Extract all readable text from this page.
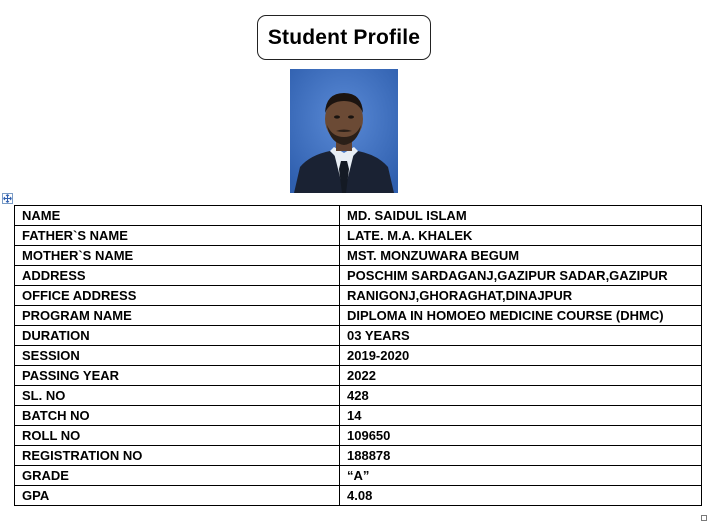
Student Profile
NAME	MD. SAIDUL ISLAM
FATHER`S NAME	LATE. M.A. KHALEK
MOTHER`S NAME	MST. MONZUWARA BEGUM
ADDRESS	POSCHIM SARDAGANJ,GAZIPUR SADAR,GAZIPUR
OFFICE ADDRESS	RANIGONJ,GHORAGHAT,DINAJPUR
PROGRAM NAME	DIPLOMA IN HOMOEO MEDICINE COURSE (DHMC)
DURATION	03 YEARS
SESSION	2019-2020
PASSING YEAR	2022
SL. NO	428
BATCH NO	14
ROLL NO	109650
REGISTRATION NO	188878
GRADE	“A”
GPA	4.08
